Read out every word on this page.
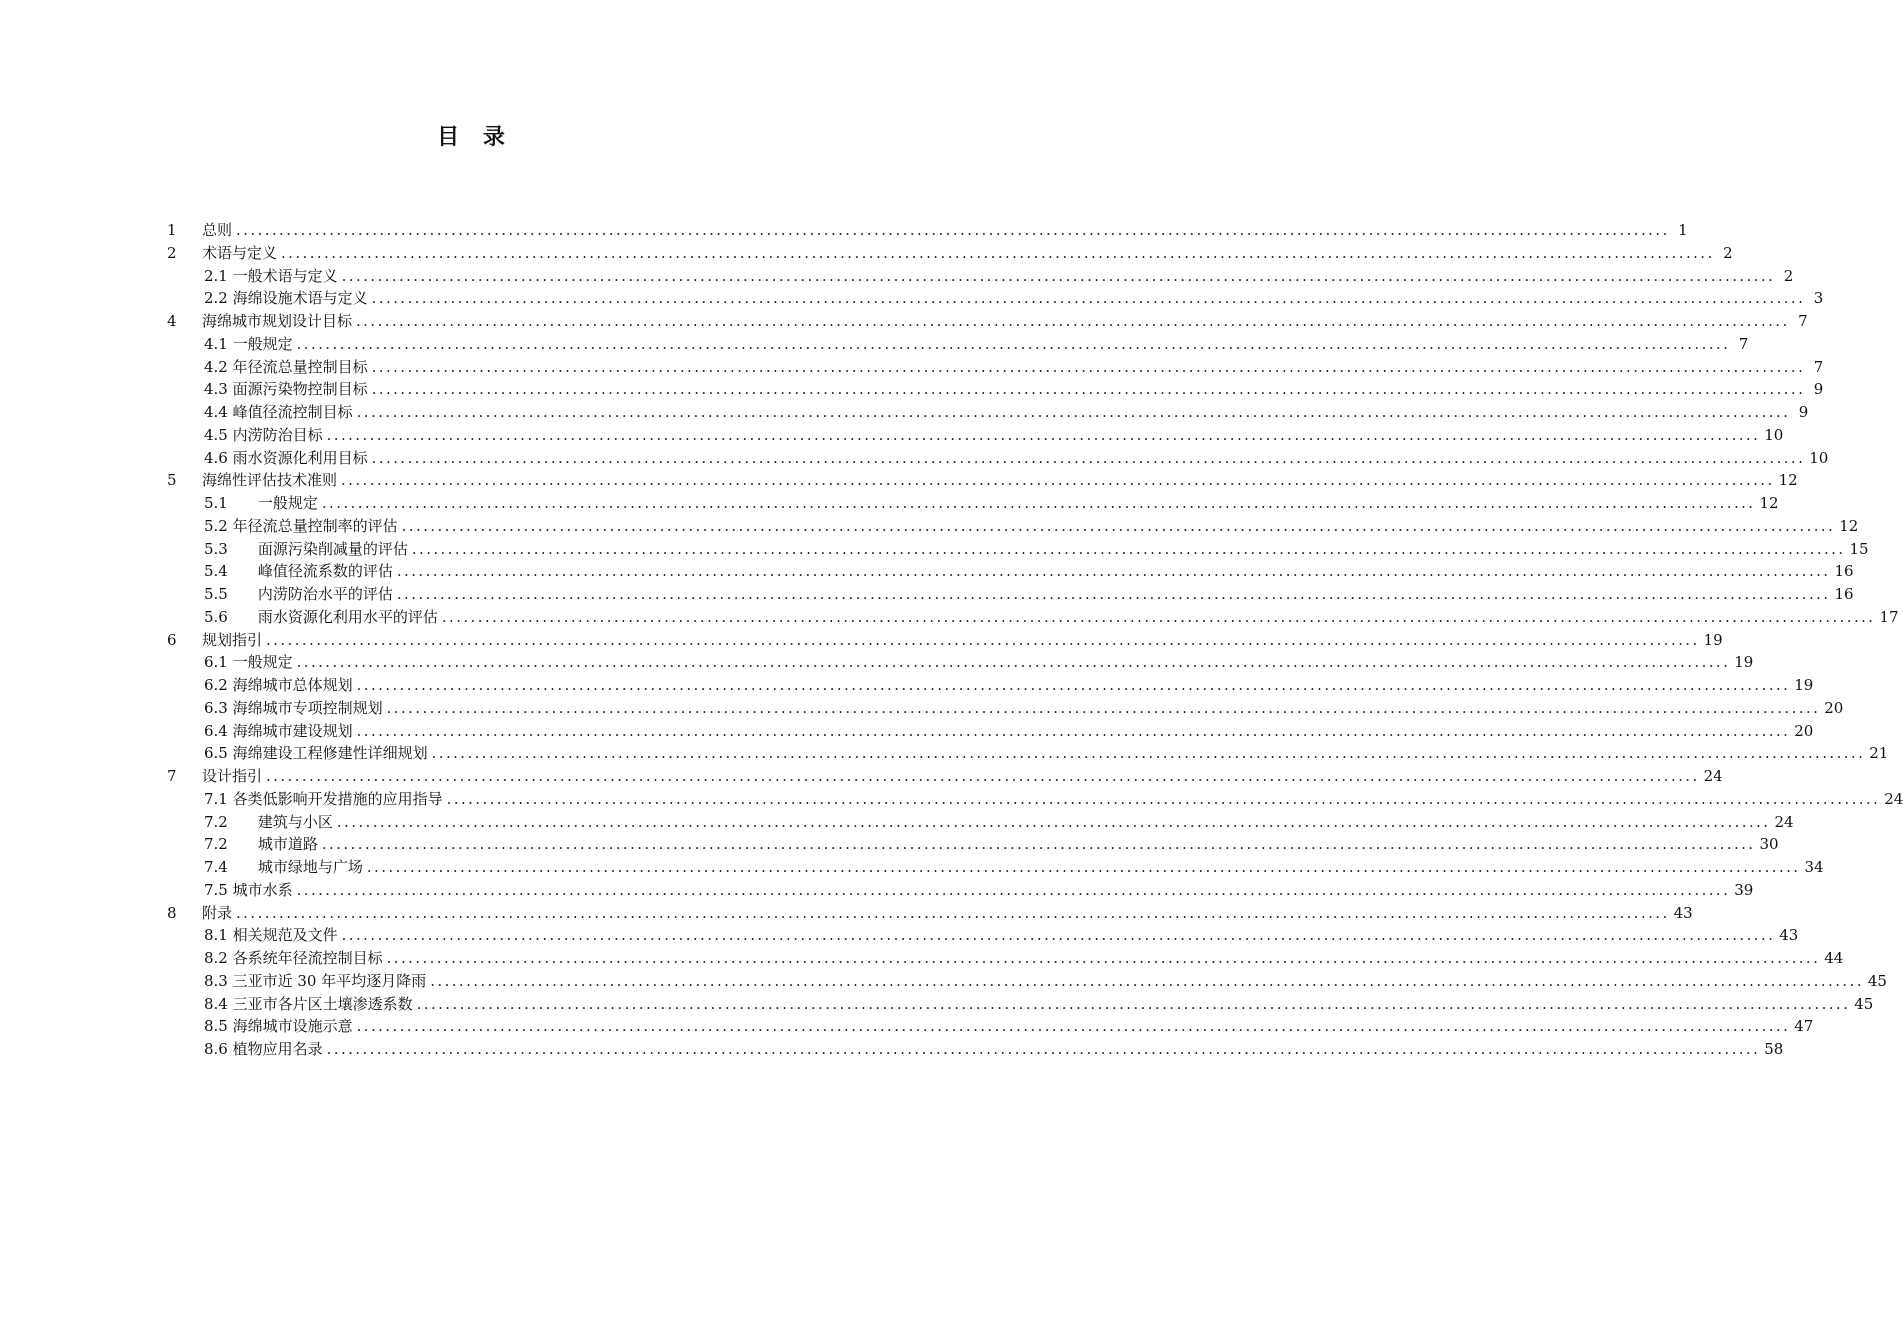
目 录
1 总则 ........................................................................................................................................................................................................ 1
2 术语与定义 ........................................................................................................................................................................................................ 2
2.1 一般术语与定义 ........................................................................................................................................................................................................ 2
2.2 海绵设施术语与定义 ........................................................................................................................................................................................................ 3
4 海绵城市规划设计目标 ........................................................................................................................................................................................................ 7
4.1 一般规定 ........................................................................................................................................................................................................ 7
4.2 年径流总量控制目标 ........................................................................................................................................................................................................ 7
4.3 面源污染物控制目标 ........................................................................................................................................................................................................ 9
4.4 峰值径流控制目标 ........................................................................................................................................................................................................ 9
4.5 内涝防治目标 ........................................................................................................................................................................................................ 10
4.6 雨水资源化利用目标 ........................................................................................................................................................................................................ 10
5 海绵性评估技术准则 ........................................................................................................................................................................................................ 12
5.1　　一般规定 ........................................................................................................................................................................................................ 12
5.2 年径流总量控制率的评估 ........................................................................................................................................................................................................ 12
5.3　　面源污染削减量的评估 ........................................................................................................................................................................................................ 15
5.4　　峰值径流系数的评估 ........................................................................................................................................................................................................ 16
5.5　　内涝防治水平的评估 ........................................................................................................................................................................................................ 16
5.6　　雨水资源化利用水平的评估 ........................................................................................................................................................................................................ 17
6 规划指引 ........................................................................................................................................................................................................ 19
6.1 一般规定 ........................................................................................................................................................................................................ 19
6.2 海绵城市总体规划 ........................................................................................................................................................................................................ 19
6.3 海绵城市专项控制规划 ........................................................................................................................................................................................................ 20
6.4 海绵城市建设规划 ........................................................................................................................................................................................................ 20
6.5 海绵建设工程修建性详细规划 ........................................................................................................................................................................................................ 21
7 设计指引 ........................................................................................................................................................................................................ 24
7.1 各类低影响开发措施的应用指导 ........................................................................................................................................................................................................ 24
7.2　　建筑与小区 ........................................................................................................................................................................................................ 24
7.2　　城市道路 ........................................................................................................................................................................................................ 30
7.4　　城市绿地与广场 ........................................................................................................................................................................................................ 34
7.5 城市水系 ........................................................................................................................................................................................................ 39
8 附录 ........................................................................................................................................................................................................ 43
8.1 相关规范及文件 ........................................................................................................................................................................................................ 43
8.2 各系统年径流控制目标 ........................................................................................................................................................................................................ 44
8.3 三亚市近 30 年平均逐月降雨 ........................................................................................................................................................................................................ 45
8.4 三亚市各片区土壤渗透系数 ........................................................................................................................................................................................................ 45
8.5 海绵城市设施示意 ........................................................................................................................................................................................................ 47
8.6 植物应用名录 ........................................................................................................................................................................................................ 58
